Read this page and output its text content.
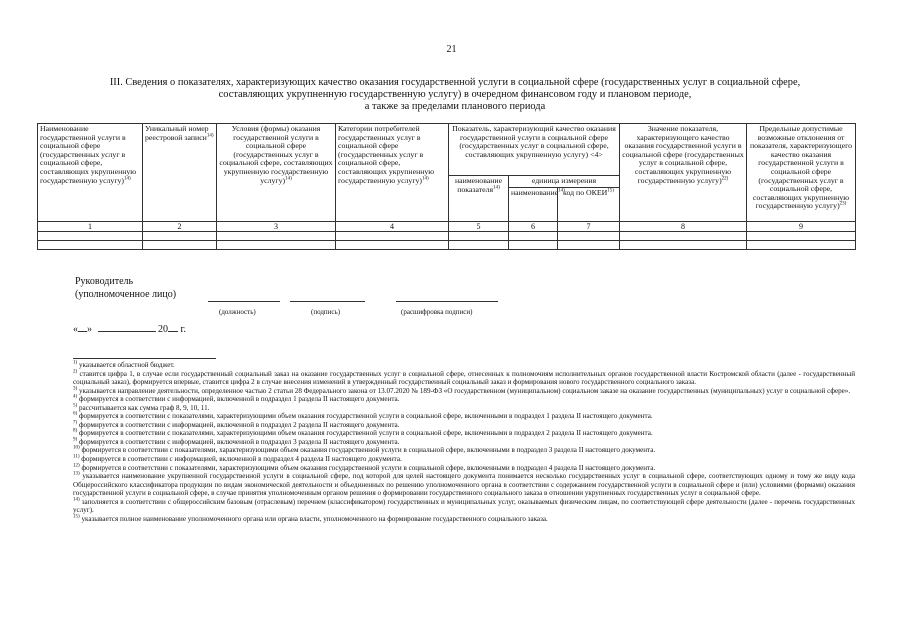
21
III. Сведения о показателях, характеризующих качество оказания государственной услуги в социальной сфере (государственных услуг в социальной сфере,
составляющих укрупненную государственную услугу) в очередном финансовом году и плановом периоде,
а также за пределами планового периода
Наименование государственной услуги в социальной сфере (государственных услуг в социальной сфере, составляющих укрупненную государственную услугу)$^{14)}$	Уникальный номер реестровой записи$^{14)}$	Условия (формы) оказания государственной услуги в социальной сфере (государственных услуг в социальной сфере, составляющих укрупненную государственную услугу)$^{14)}$	Категории потребителей государственных услуг в социальной сфере (государственных услуг в социальной сфере, составляющих укрупненную государственную услугу)$^{14)}$	Показатель, характеризующий качество оказания государственной услуги в социальной сфере (государственных услуг в социальной сфере, составляющих укрупненную услугу) <4>			Значение показателя, характеризующего качество оказания государственной услуги в социальной сфере (государственных услуг в социальной сфере, составляющих укрупненную государственную услугу)$^{22)}$	Предельные допустимые возможные отклонения от показателя, характеризующего качество оказания государственной услуги в социальной сфере (государственных услуг в социальной сфере, составляющих укрупненную государственную услугу)$^{23)}$
				наименование показателя$^{14)}$	единица измерения			
					наименование$^{14)}$	код по ОКЕИ$^{15)}$
1	2	3	4	5	6	7	8	9

Руководитель
(уполномоченное лицо)
(должность)	(подпись)	(расшифровка подписи)
« »	20 г.
$^{1)}$ указывается областной бюджет.
$^{2)}$ ставится цифра 1, в случае если государственный социальный заказ на оказание государственных услуг в социальной сфере, отнесенных к полномочиям исполнительных органов государственной власти Костромской области (далее - государственный социальный заказ), формируется впервые, ставится цифра 2 в случае внесения изменений в утвержденный государственный социальный заказ и формирования нового государственного социального заказа.
$^{3)}$ указывается направление деятельности, определенное частью 2 статьи 28 Федерального закона от 13.07.2020 № 189-ФЗ «О государственном (муниципальном) социальном заказе на оказание государственных (муниципальных) услуг в социальной сфере».
$^{4)}$ формируется в соответствии с информацией, включенной в подраздел 1 раздела II настоящего документа.
$^{5)}$ рассчитывается как сумма граф 8, 9, 10, 11.
$^{6)}$ формируется в соответствии с показателями, характеризующими объем оказания государственной услуги в социальной сфере, включенными в подраздел 1 раздела II настоящего документа.
$^{7)}$ формируется в соответствии с информацией, включенной в подраздел 2 раздела II настоящего документа.
$^{8)}$ формируется в соответствии с показателями, характеризующими объем оказания государственной услуги в социальной сфере, включенными в подраздел 2 раздела II настоящего документа.
$^{9)}$ формируется в соответствии с информацией, включенной в подраздел 3 раздела II настоящего документа.
$^{10)}$ формируется в соответствии с показателями, характеризующими объем оказания государственной услуги в социальной сфере, включенными в подраздел 3 раздела II настоящего документа.
$^{11)}$ формируется в соответствии с информацией, включенной в подраздел 4 раздела II настоящего документа.
$^{12)}$ формируется в соответствии с показателями, характеризующими объем оказания государственной услуги в социальной сфере, включенными в подраздел 4 раздела II настоящего документа.
$^{13)}$ указывается наименование укрупненной государственной услуги в социальной сфере, под которой для целей настоящего документа понимается несколько государственных услуг в социальной сфере, соответствующих одному и тому же виду кода Общероссийского классификатора продукции по видам экономической деятельности и объединенных по решению уполномоченного органа в соответствии с содержанием государственной услуги в социальной сфере и (или) условиями (формами) оказания государственной услуги в социальной сфере, в случае принятия уполномоченным органом решения о формировании государственного социального заказа в отношении укрупненных государственных услуг в социальной сфере.
$^{14)}$ заполняется в соответствии с общероссийским базовым (отраслевым) перечнем (классификатором) государственных и муниципальных услуг, оказываемых физическим лицам, по соответствующей сфере деятельности (далее - перечень государственных услуг).
$^{15)}$ указывается полное наименование уполномоченного органа или органа власти, уполномоченного на формирование государственного социального заказа.
